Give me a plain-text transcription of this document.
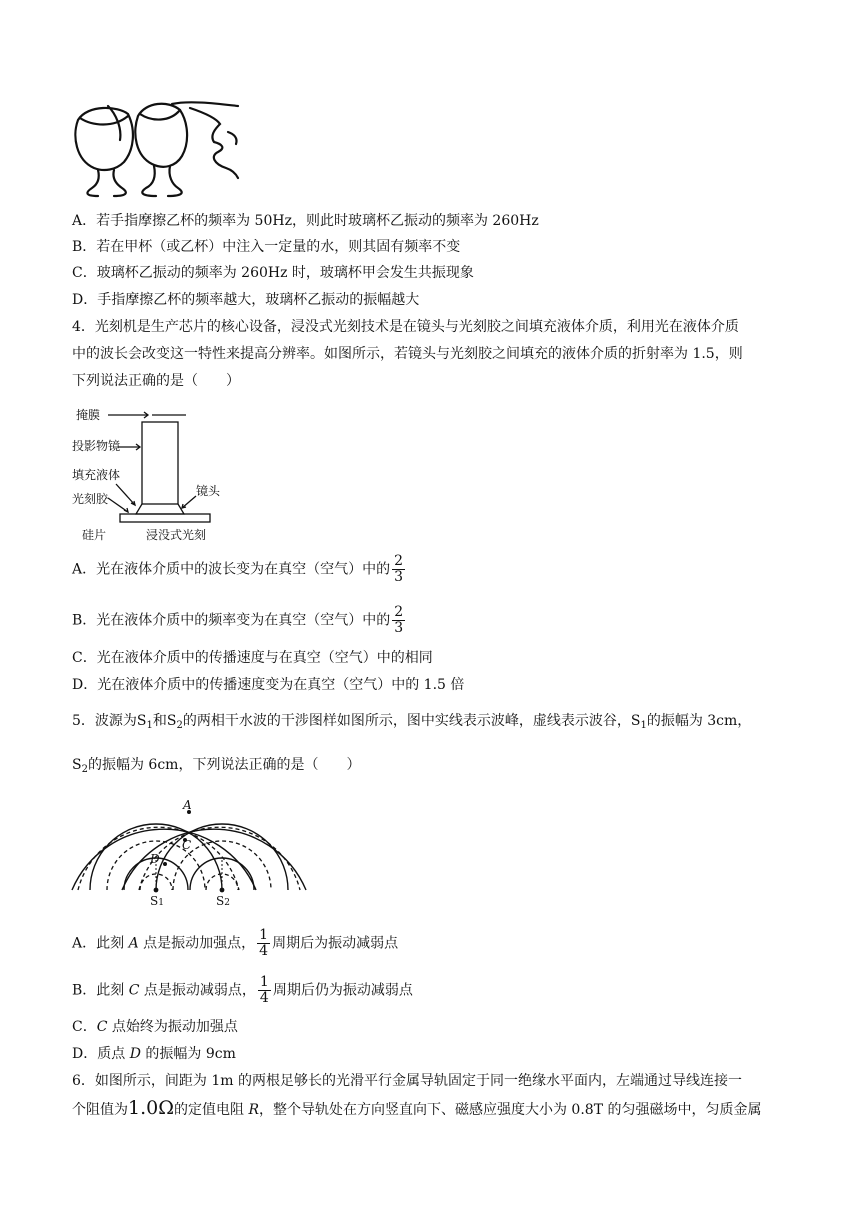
A．若手指摩擦乙杯的频率为 50Hz，则此时玻璃杯乙振动的频率为 260Hz
B．若在甲杯（或乙杯）中注入一定量的水，则其固有频率不变
C．玻璃杯乙振动的频率为 260Hz 时，玻璃杯甲会发生共振现象
D．手指摩擦乙杯的频率越大，玻璃杯乙振动的振幅越大
4．光刻机是生产芯片的核心设备，浸没式光刻技术是在镜头与光刻胶之间填充液体介质，利用光在液体介质
中的波长会改变这一特性来提高分辨率。如图所示，若镜头与光刻胶之间填充的液体介质的折射率为 1.5，则
下列说法正确的是（　　）
掩膜
投影物镜
填充液体
光刻胶
硅片
镜头
浸没式光刻
A．光在液体介质中的波长变为在真空（空气）中的 $\frac{2}{3}$
B．光在液体介质中的频率变为在真空（空气）中的 $\frac{2}{3}$
C．光在液体介质中的传播速度与在真空（空气）中的相同
D．光在液体介质中的传播速度变为在真空（空气）中的 1.5 倍
5．波源为$S_1$和$S_2$的两相干水波的干涉图样如图所示，图中实线表示波峰，虚线表示波谷，$S_1$的振幅为 3cm，
$S_2$的振幅为 6cm，下列说法正确的是（　　）
A
C
D
S1	S2
A．此刻 A 点是振动加强点， $\frac{1}{4}$ 周期后为振动减弱点
B．此刻 C 点是振动减弱点， $\frac{1}{4}$ 周期后仍为振动减弱点
C．C 点始终为振动加强点
D．质点 D 的振幅为 9cm
6．如图所示，间距为 1m 的两根足够长的光滑平行金属导轨固定于同一绝缘水平面内，左端通过导线连接一
个阻值为1.0Ω的定值电阻 R，整个导轨处在方向竖直向下、磁感应强度大小为 0.8T 的匀强磁场中，匀质金属
